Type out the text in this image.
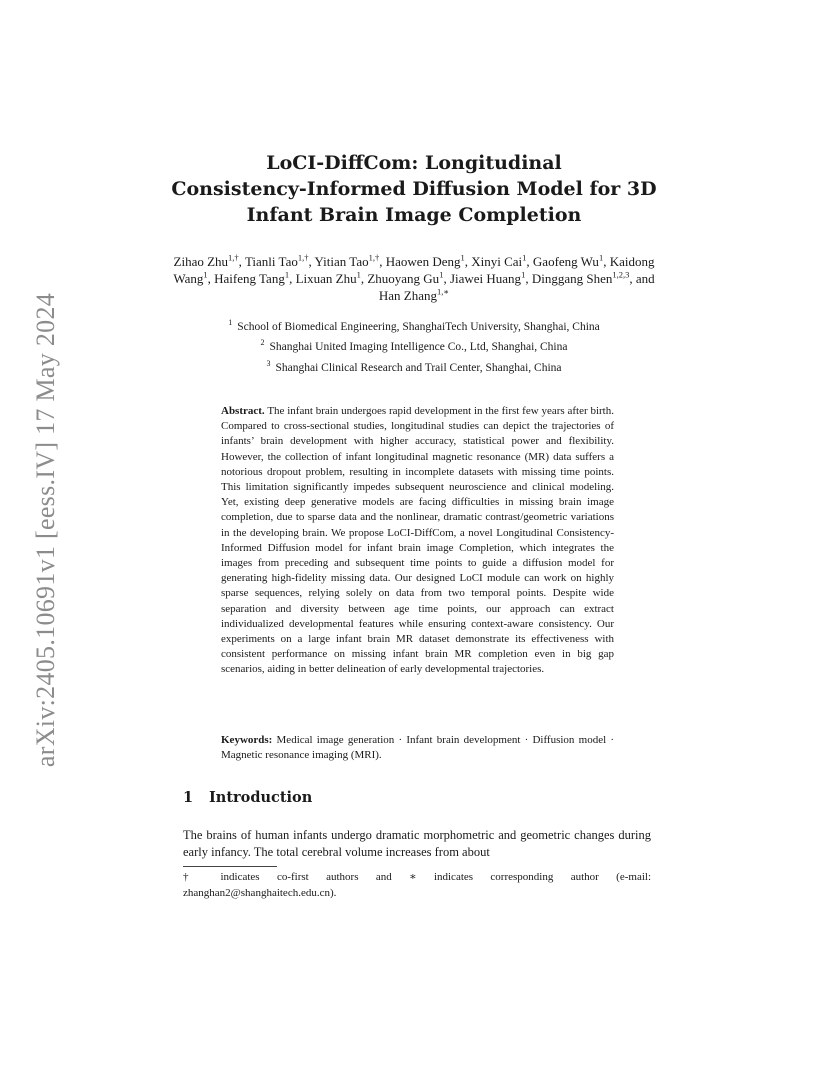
arXiv:2405.10691v1 [eess.IV] 17 May 2024
LoCI-DiffCom: Longitudinal
Consistency-Informed Diffusion Model for 3D
Infant Brain Image Completion
Zihao Zhu$^{1,\dagger}$, Tianli Tao$^{1,\dagger}$, Yitian Tao$^{1,\dagger}$, Haowen Deng$^1$, Xinyi Cai$^1$, Gaofeng Wu$^1$, Kaidong Wang$^1$, Haifeng Tang$^1$, Lixuan Zhu$^1$, Zhuoyang Gu$^1$, Jiawei Huang$^1$, Dinggang Shen$^{1,2,3}$, and Han Zhang$^{1,∗}$
$^1$ School of Biomedical Engineering, ShanghaiTech University, Shanghai, China
$^2$ Shanghai United Imaging Intelligence Co., Ltd, Shanghai, China
$^3$ Shanghai Clinical Research and Trail Center, Shanghai, China
Abstract. The infant brain undergoes rapid development in the first few years after birth. Compared to cross-sectional studies, longitudinal studies can depict the trajectories of infants’ brain development with higher accuracy, statistical power and flexibility. However, the collection of infant longitudinal magnetic resonance (MR) data suffers a notorious dropout problem, resulting in incomplete datasets with missing time points. This limitation significantly impedes subsequent neuroscience and clinical modeling. Yet, existing deep generative models are facing difficulties in missing brain image completion, due to sparse data and the nonlinear, dramatic contrast/geometric variations in the developing brain. We propose LoCI-DiffCom, a novel Longitudinal Consistency-Informed Diffusion model for infant brain image Completion, which integrates the images from preceding and subsequent time points to guide a diffusion model for generating high-fidelity missing data. Our designed LoCI module can work on highly sparse sequences, relying solely on data from two temporal points. Despite wide separation and diversity between age time points, our approach can extract individualized developmental features while ensuring context-aware consistency. Our experiments on a large infant brain MR dataset demonstrate its effectiveness with consistent performance on missing infant brain MR completion even in big gap scenarios, aiding in better delineation of early developmental trajectories.
Keywords: Medical image generation · Infant brain development · Diffusion model · Magnetic resonance imaging (MRI).
1 Introduction
The brains of human infants undergo dramatic morphometric and geometric changes during early infancy. The total cerebral volume increases from about
† indicates co-first authors and ∗ indicates corresponding author (e-mail: zhanghan2@shanghaitech.edu.cn).
